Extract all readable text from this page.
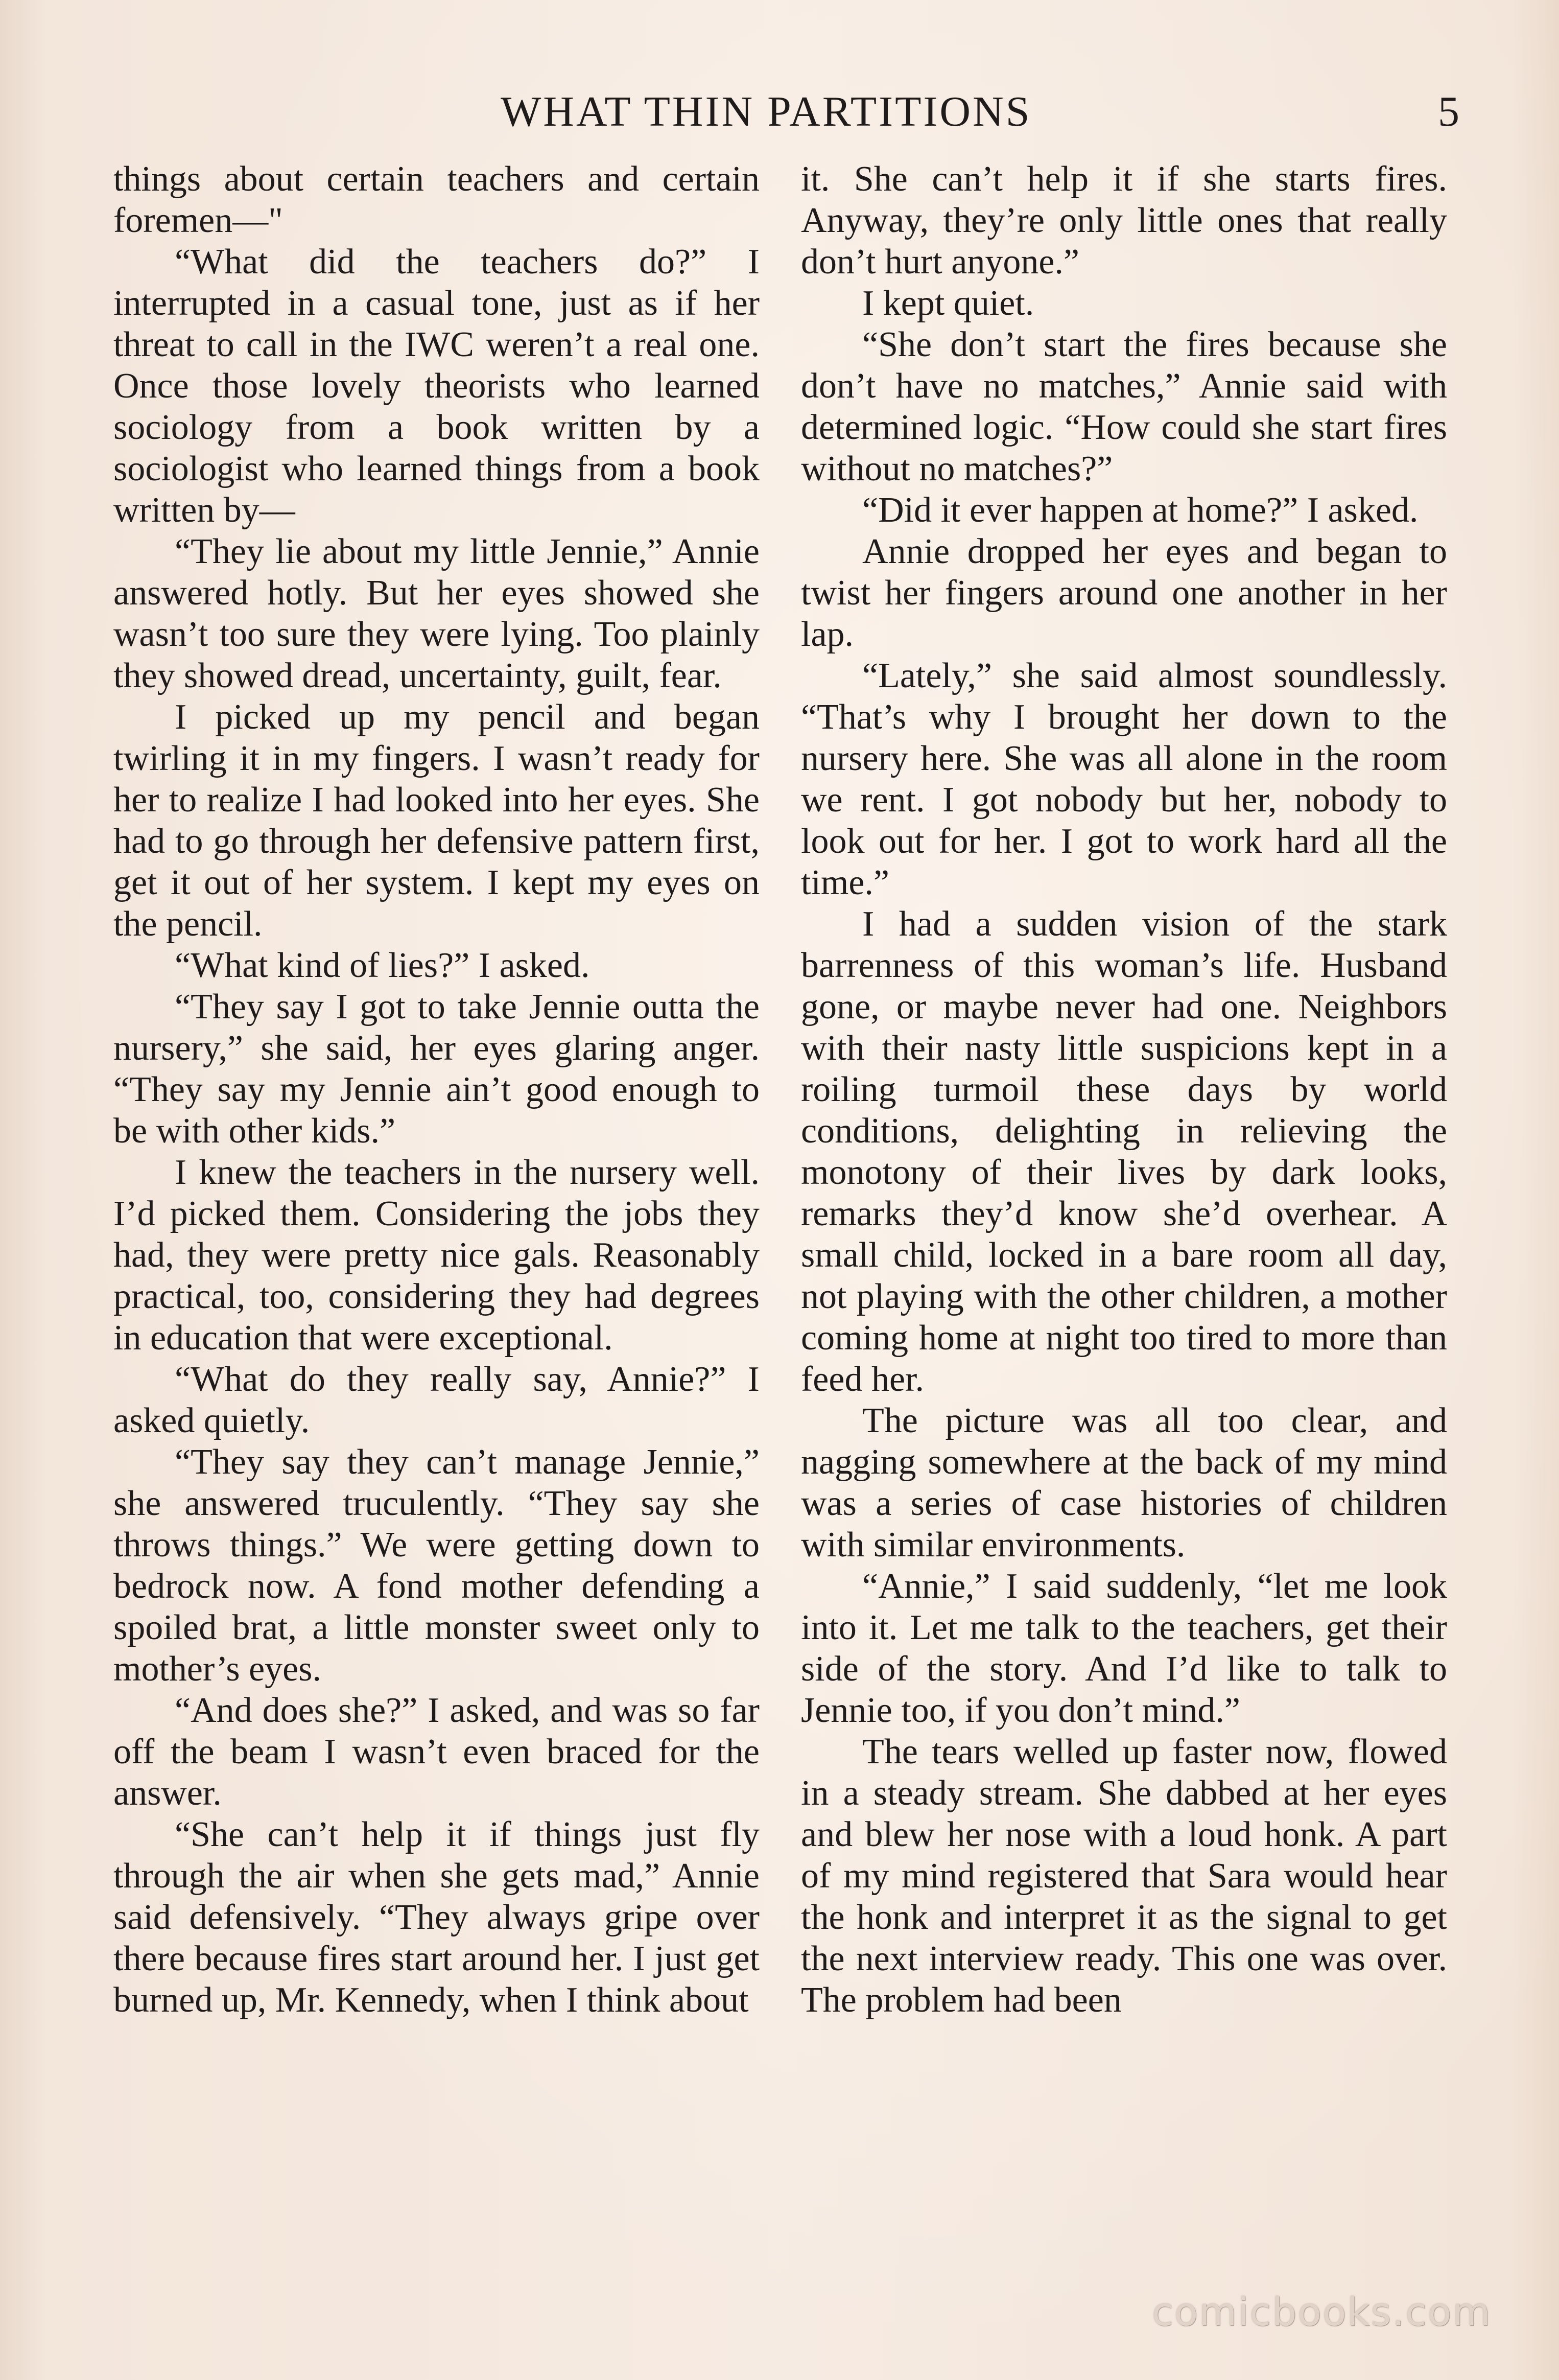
WHAT THIN PARTITIONS	5

things about certain teachers and certain foremen—"

“What did the teachers do?” I interrupted in a casual tone, just as if her threat to call in the IWC weren’t a real one. Once those lovely theorists who learned sociology from a book written by a sociologist who learned things from a book written by—

“They lie about my little Jennie,” Annie answered hotly. But her eyes showed she wasn’t too sure they were lying. Too plainly they showed dread, uncertainty, guilt, fear.

I picked up my pencil and began twirling it in my fingers. I wasn’t ready for her to realize I had looked into her eyes. She had to go through her defensive pattern first, get it out of her system. I kept my eyes on the pencil.

“What kind of lies?” I asked.

“They say I got to take Jennie outta the nursery,” she said, her eyes glaring anger. “They say my Jennie ain’t good enough to be with other kids.”

I knew the teachers in the nursery well. I’d picked them. Considering the jobs they had, they were pretty nice gals. Reasonably practical, too, considering they had degrees in education that were exceptional.

“What do they really say, Annie?” I asked quietly.

“They say they can’t manage Jennie,” she answered truculently. “They say she throws things.” We were getting down to bedrock now. A fond mother defending a spoiled brat, a little monster sweet only to mother’s eyes.

“And does she?” I asked, and was so far off the beam I wasn’t even braced for the answer.

“She can’t help it if things just fly through the air when she gets mad,” Annie said defensively. “They always gripe over there because fires start around her. I just get burned up, Mr. Kennedy, when I think about

it. She can’t help it if she starts fires. Anyway, they’re only little ones that really don’t hurt anyone.”

I kept quiet.

“She don’t start the fires because she don’t have no matches,” Annie said with determined logic. “How could she start fires without no matches?”

“Did it ever happen at home?” I asked.

Annie dropped her eyes and began to twist her fingers around one another in her lap.

“Lately,” she said almost soundlessly. “That’s why I brought her down to the nursery here. She was all alone in the room we rent. I got nobody but her, nobody to look out for her. I got to work hard all the time.”

I had a sudden vision of the stark barrenness of this woman’s life. Husband gone, or maybe never had one. Neighbors with their nasty little suspicions kept in a roiling turmoil these days by world conditions, delighting in relieving the monotony of their lives by dark looks, remarks they’d know she’d overhear. A small child, locked in a bare room all day, not playing with the other children, a mother coming home at night too tired to more than feed her.

The picture was all too clear, and nagging somewhere at the back of my mind was a series of case histories of children with similar environments.

“Annie,” I said suddenly, “let me look into it. Let me talk to the teachers, get their side of the story. And I’d like to talk to Jennie too, if you don’t mind.”

The tears welled up faster now, flowed in a steady stream. She dabbed at her eyes and blew her nose with a loud honk. A part of my mind registered that Sara would hear the honk and interpret it as the signal to get the next interview ready. This one was over. The problem had been

comicbooks.com
